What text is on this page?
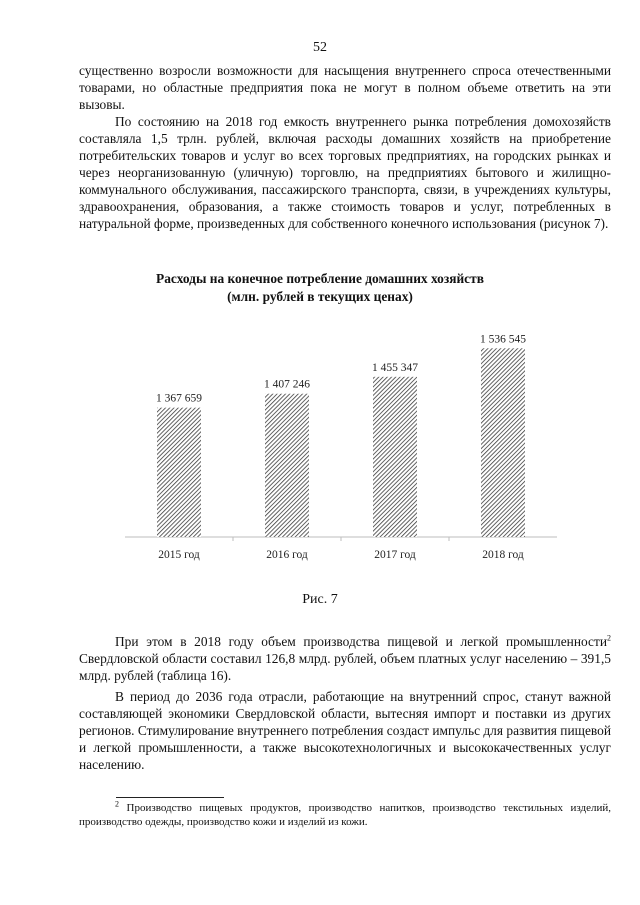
52

существенно возросли возможности для насыщения внутреннего спроса отечественными товарами, но областные предприятия пока не могут в полном объеме ответить на эти вызовы.

По состоянию на 2018 год емкость внутреннего рынка потребления домохозяйств составляла 1,5 трлн. рублей, включая расходы домашних хозяйств на приобретение потребительских товаров и услуг во всех торговых предприятиях, на городских рынках и через неорганизованную (уличную) торговлю, на предприятиях бытового и жилищно-коммунального обслуживания, пассажирского транспорта, связи, в учреждениях культуры, здравоохранения, образования, а также стоимость товаров и услуг, потребленных в натуральной форме, произведенных для собственного конечного использования (рисунок 7).

Расходы на конечное потребление домашних хозяйств
(млн. рублей в текущих ценах)
1 367 659
2015 год
1 407 246
2016 год
1 455 347
2017 год
1 536 545
2018 год
Рис. 7

При этом в 2018 году объем производства пищевой и легкой промышленности$^2$ Свердловской области составил 126,8 млрд. рублей, объем платных услуг населению – 391,5 млрд. рублей (таблица 16).

В период до 2036 года отрасли, работающие на внутренний спрос, станут важной составляющей экономики Свердловской области, вытесняя импорт и поставки из других регионов. Стимулирование внутреннего потребления создаст импульс для развития пищевой и легкой промышленности, а также высокотехнологичных и высококачественных услуг населению.

$^2$ Производство пищевых продуктов, производство напитков, производство текстильных изделий, производство одежды, производство кожи и изделий из кожи.
